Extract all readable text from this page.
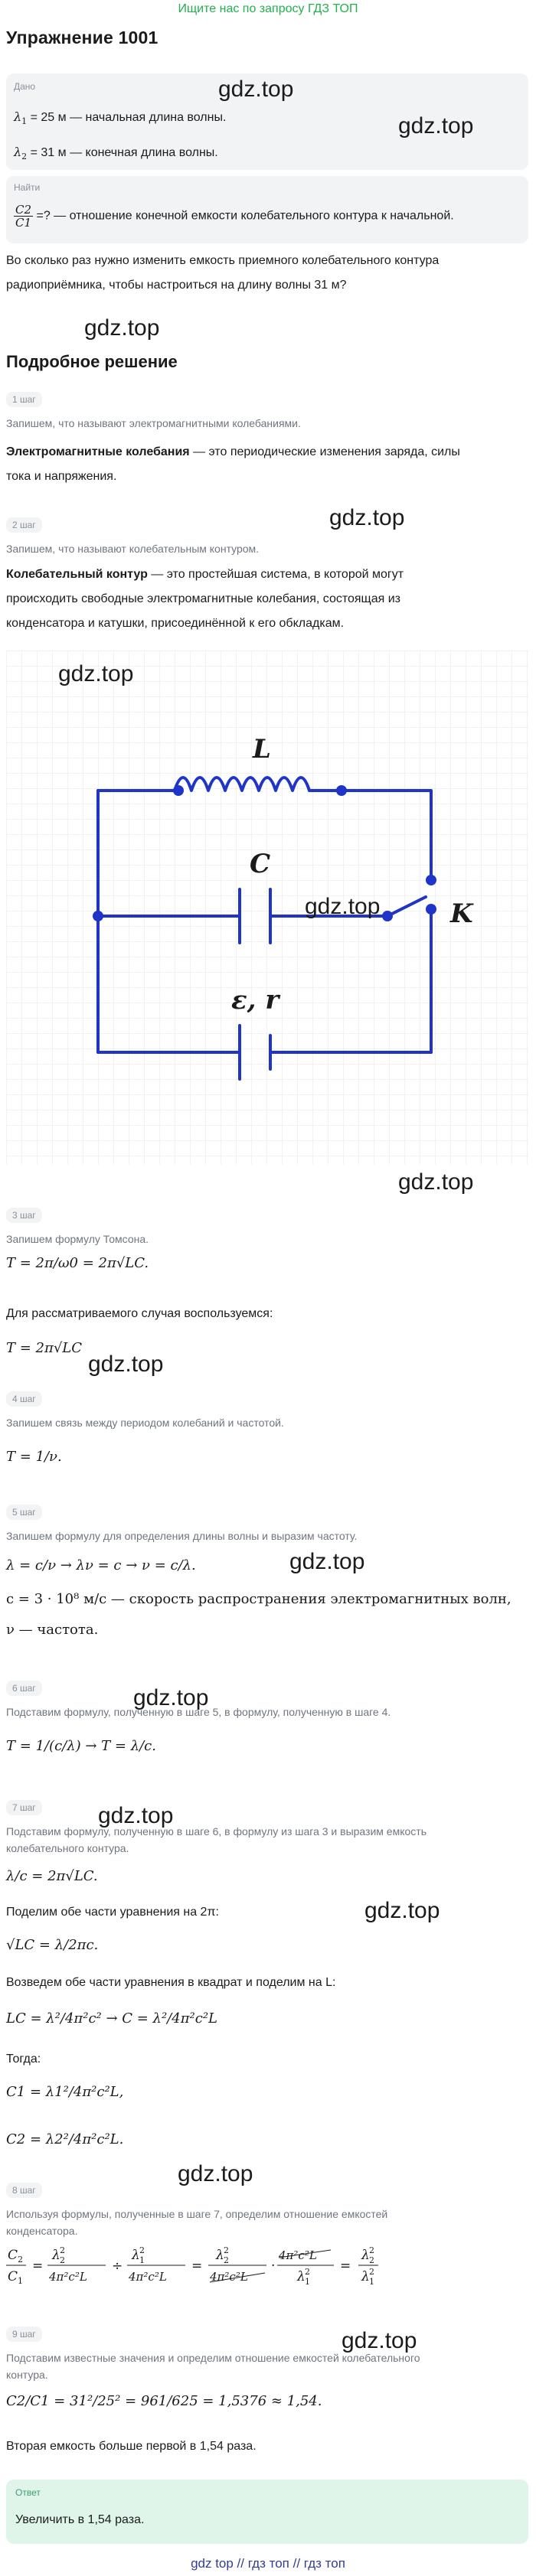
Ищите нас по запросу ГДЗ ТОП
Упражнение 1001
Дано
$\lambda_1 = 25$ м — начальная длина волны.
$\lambda_2 = 31$ м — конечная длина волны.
Найти
$\frac{C2}{C1}$ =? — отношение конечной емкости колебательного контура к начальной.
Во сколько раз нужно изменить емкость приемного колебательного контура
радиоприёмника, чтобы настроиться на длину волны 31 м?
Подробное решение
1 шаг
Запишем, что называют электромагнитными колебаниями.
Электромагнитные колебания — это периодические изменения заряда, силы
тока и напряжения.
2 шаг
Запишем, что называют колебательным контуром.
Колебательный контур — это простейшая система, в которой могут
происходить свободные электромагнитные колебания, состоящая из
конденсатора и катушки, присоединённой к его обкладкам.
L
C
K
ε, r
3 шаг
Запишем формулу Томсона.
T = 2π/ω0 = 2π√LC.
Для рассматриваемого случая воспользуемся:
T = 2π√LC
4 шаг
Запишем связь между периодом колебаний и частотой.
T = 1/ν.
5 шаг
Запишем формулу для определения длины волны и выразим частоту.
λ = c/ν → λν = c → ν = c/λ.
c = 3 · 10⁸ м/с — скорость распространения электромагнитных волн,
ν — частота.
6 шаг
Подставим формулу, полученную в шаге 5, в формулу, полученную в шаге 4.
T = 1/(c/λ) → T = λ/c.
7 шаг
Подставим формулу, полученную в шаге 6, в формулу из шага 3 и выразим емкость
колебательного контура.
λ/c = 2π√LC.
Поделим обе части уравнения на 2π:
√LC = λ/2πc.
Возведем обе части уравнения в квадрат и поделим на L:
LC = λ²/4π²c² → C = λ²/4π²c²L
Тогда:
C1 = λ1²/4π²c²L,
C2 = λ2²/4π²c²L.
8 шаг
Используя формулы, полученные в шаге 7, определим отношение емкостей
конденсатора.
C 2
C 1
=
λ 2
2
4π²c²L
÷
λ 2
1
4π²c²L
=
λ 2
2
4π²c²L
·
4π²c²L
λ 2
1
=
λ 2
2
λ 2
1
9 шаг
Подставим известные значения и определим отношение емкостей колебательного
контура.
C2/C1 = 31²/25² = 961/625 = 1,5376 ≈ 1,54.
Вторая емкость больше первой в 1,54 раза.
Ответ
Увеличить в 1,54 раза.
gdz top // гдз топ // гдз топ
gdz.top
gdz.top
gdz.top
gdz.top
gdz.top
gdz.top
gdz.top
gdz.top
gdz.top
gdz.top
gdz.top
gdz.top
gdz.top
gdz.top
